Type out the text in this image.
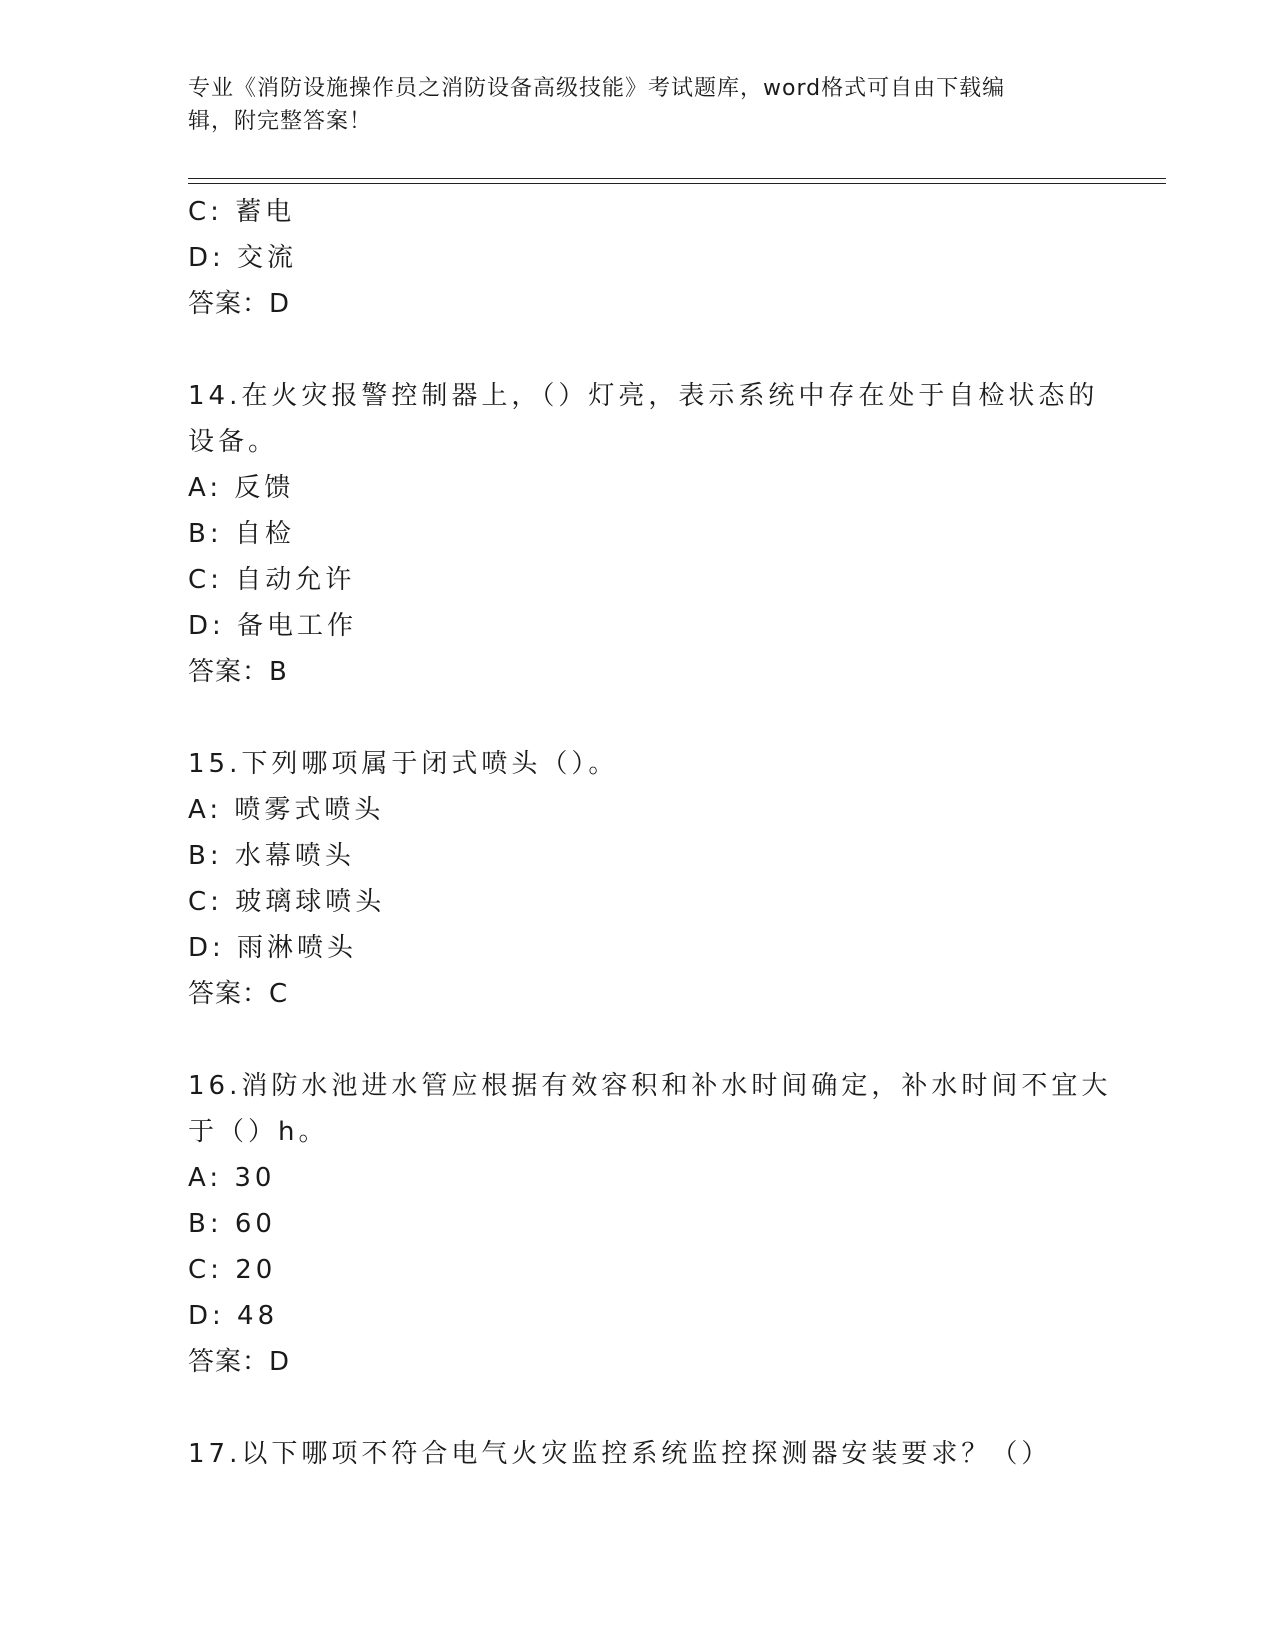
专业《消防设施操作员之消防设备高级技能》考试题库，word格式可自由下载编
辑，附完整答案！
C: 蓄电
D: 交流
答案：D
14.在火灾报警控制器上，（）灯亮，表示系统中存在处于自检状态的
设备。
A: 反馈
B: 自检
C: 自动允许
D: 备电工作
答案：B
15.下列哪项属于闭式喷头（）。
A: 喷雾式喷头
B: 水幕喷头
C: 玻璃球喷头
D: 雨淋喷头
答案：C
16.消防水池进水管应根据有效容积和补水时间确定，补水时间不宜大
于（）h。
A: 30
B: 60
C: 20
D: 48
答案：D
17.以下哪项不符合电气火灾监控系统监控探测器安装要求？（）
